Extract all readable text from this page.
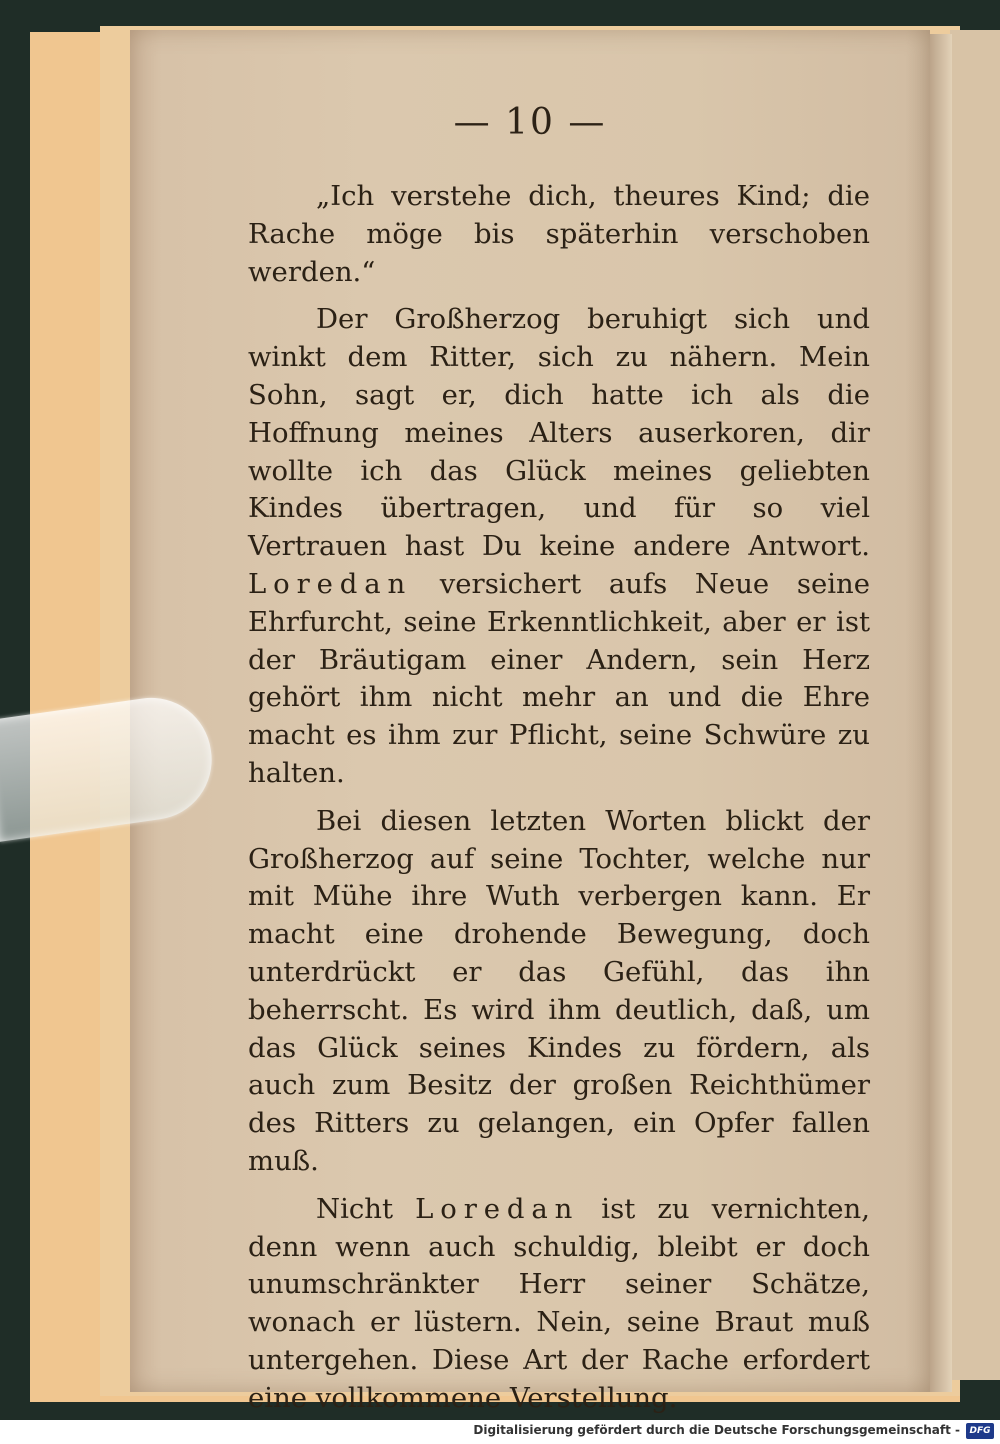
— 10 —

„Ich verstehe dich, theures Kind; die Rache möge bis späterhin verschoben werden.“

Der Großherzog beruhigt sich und winkt dem Ritter, sich zu nähern. Mein Sohn, sagt er, dich hatte ich als die Hoffnung meines Alters auserkoren, dir wollte ich das Glück meines geliebten Kindes übertragen, und für so viel Vertrauen hast Du keine andere Antwort. Loredan versichert aufs Neue seine Ehrfurcht, seine Erkenntlichkeit, aber er ist der Bräutigam einer Andern, sein Herz gehört ihm nicht mehr an und die Ehre macht es ihm zur Pflicht, seine Schwüre zu halten.

Bei diesen letzten Worten blickt der Großherzog auf seine Tochter, welche nur mit Mühe ihre Wuth verbergen kann. Er macht eine drohende Bewegung, doch unterdrückt er das Gefühl, das ihn beherrscht. Es wird ihm deutlich, daß, um das Glück seines Kindes zu fördern, als auch zum Besitz der großen Reichthümer des Ritters zu gelangen, ein Opfer fallen muß.

Nicht Loredan ist zu vernichten, denn wenn auch schuldig, bleibt er doch unumschränkter Herr seiner Schätze, wonach er lüstern. Nein, seine Braut muß untergehen. Diese Art der Rache erfordert eine vollkommene Verstellung.

Digitalisierung gefördert durch die Deutsche Forschungsgemeinschaft -	DFG
